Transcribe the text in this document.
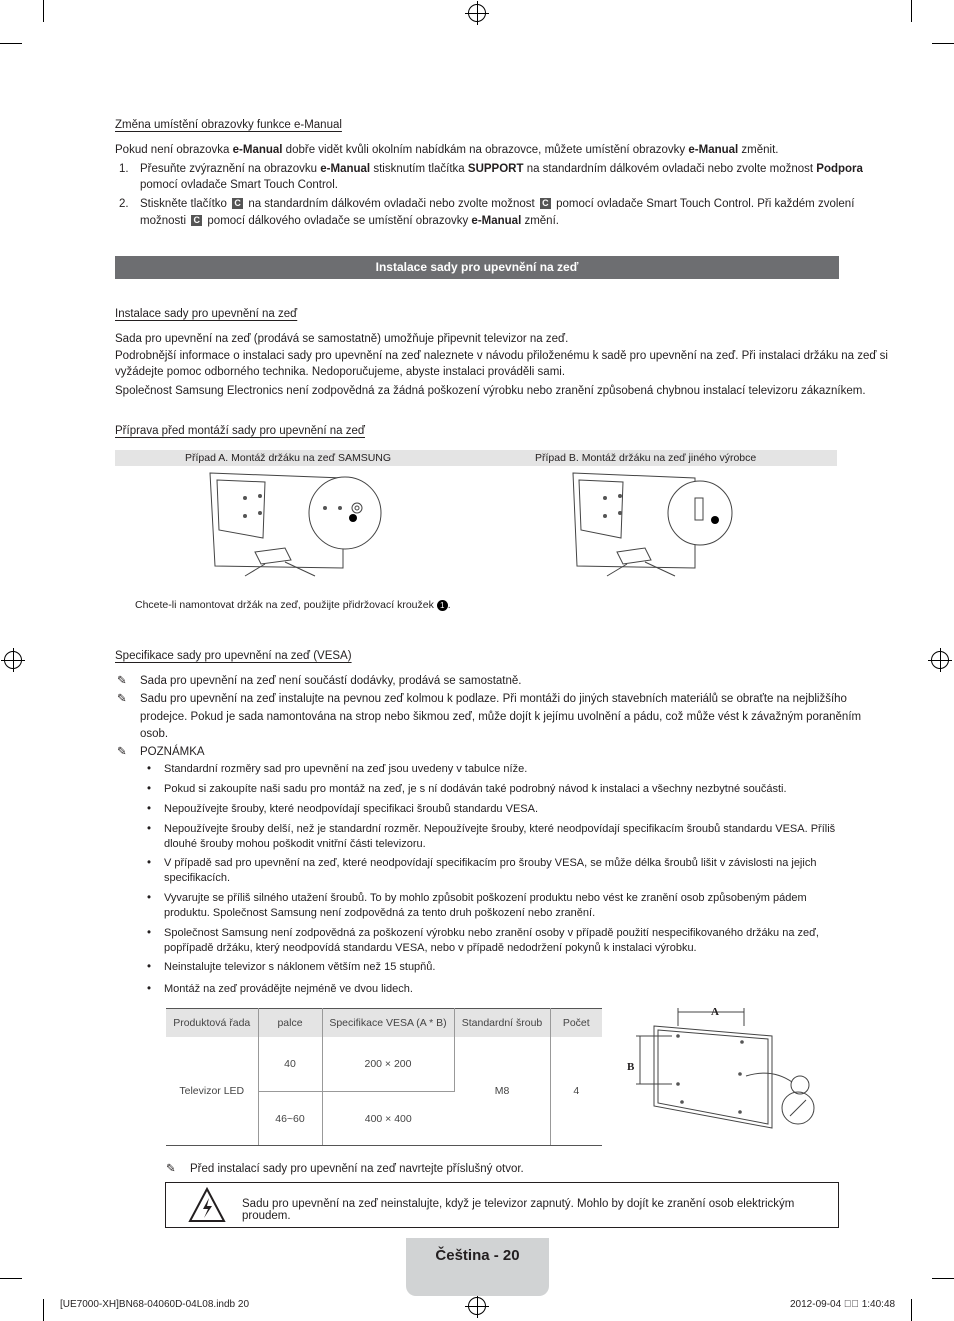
Změna umístění obrazovky funkce e-Manual
Pokud není obrazovka e-Manual dobře vidět kvůli okolním nabídkám na obrazovce, můžete umístění obrazovky e-Manual změnit.
1. Přesuňte zvýraznění na obrazovku e-Manual stisknutím tlačítka SUPPORT na standardním dálkovém ovladači nebo zvolte možnost Podpora
pomocí ovladače Smart Touch Control.
2. Stiskněte tlačítko C na standardním dálkovém ovladači nebo zvolte možnost C pomocí ovladače Smart Touch Control. Při každém zvolení
možnosti C pomocí dálkového ovladače se umístění obrazovky e-Manual změní.
Instalace sady pro upevnění na zeď
Instalace sady pro upevnění na zeď
Sada pro upevnění na zeď (prodává se samostatně) umožňuje připevnit televizor na zeď.
Podrobnější informace o instalaci sady pro upevnění na zeď naleznete v návodu přiloženému k sadě pro upevnění na zeď. Při instalaci držáku na zeď si
vyžádejte pomoc odborného technika. Nedoporučujeme, abyste instalaci prováděli sami.
Společnost Samsung Electronics není zodpovědná za žádná poškození výrobku nebo zranění způsobená chybnou instalací televizoru zákazníkem.
Příprava před montáží sady pro upevnění na zeď
Případ A. Montáž držáku na zeď SAMSUNG	Případ B. Montáž držáku na zeď jiného výrobce
Chcete-li namontovat držák na zeď, použijte přidržovací kroužek 1 .
Specifikace sady pro upevnění na zeď (VESA)
✎ Sada pro upevnění na zeď není součástí dodávky, prodává se samostatně.
✎ Sadu pro upevnění na zeď instalujte na pevnou zeď kolmou k podlaze. Při montáži do jiných stavebních materiálů se obraťte na nejbližšího
prodejce. Pokud je sada namontována na strop nebo šikmou zeď, může dojít k jejímu uvolnění a pádu, což může vést k závažným poraněním
osob.
✎ POZNÁMKA
• Standardní rozměry sad pro upevnění na zeď jsou uvedeny v tabulce níže.
• Pokud si zakoupíte naši sadu pro montáž na zeď, je s ní dodáván také podrobný návod k instalaci a všechny nezbytné součásti.
• Nepoužívejte šrouby, které neodpovídají specifikaci šroubů standardu VESA.
• Nepoužívejte šrouby delší, než je standardní rozměr. Nepoužívejte šrouby, které neodpovídají specifikacím šroubů standardu VESA. Příliš
dlouhé šrouby mohou poškodit vnitřní části televizoru.
• V případě sad pro upevnění na zeď, které neodpovídají specifikacím pro šrouby VESA, se může délka šroubů lišit v závislosti na jejich
specifikacích.
• Vyvarujte se příliš silného utažení šroubů. To by mohlo způsobit poškození produktu nebo vést ke zranění osob způsobeným pádem
produktu. Společnost Samsung není zodpovědná za tento druh poškození nebo zranění.
• Společnost Samsung není zodpovědná za poškození výrobku nebo zranění osoby v případě použití nespecifikovaného držáku na zeď,
popřípadě držáku, který neodpovídá standardu VESA, nebo v případě nedodržení pokynů k instalaci výrobku.
• Neinstalujte televizor s náklonem větším než 15 stupňů.
• Montáž na zeď provádějte nejméně ve dvou lidech.
Produktová řada	palce	Specifikace VESA (A * B)	Standardní šroub	Počet
Televizor LED	40	200 × 200	M8	4
	46~60	400 × 400		
A
B
✎ Před instalací sady pro upevnění na zeď navrtejte příslušný otvor.
Sadu pro upevnění na zeď neinstalujte, když je televizor zapnutý. Mohlo by dojít ke zranění osob elektrickým proudem.
Čeština - 20
[UE7000-XH]BN68-04060D-04L08.indb 20	2012-09-04    1:40:48
